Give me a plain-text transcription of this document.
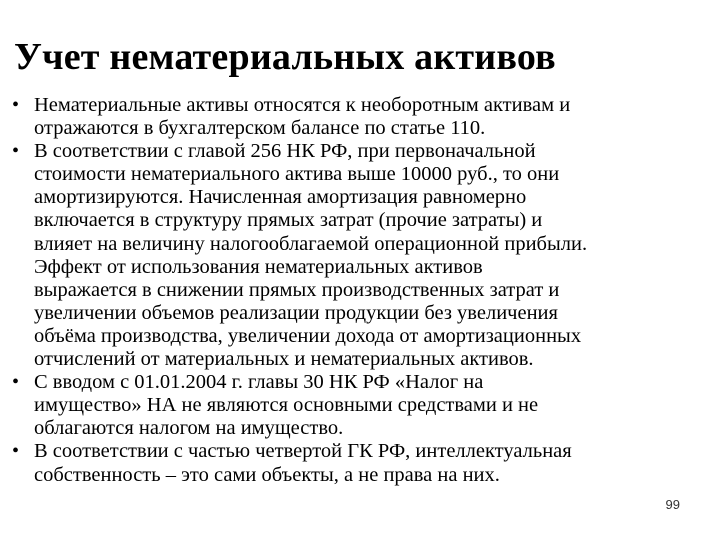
Учет нематериальных активов
• Нематериальные активы относятся к необоротным активам и
отражаются в бухгалтерском балансе по статье 110.
• В соответствии с главой 256 НК РФ, при первоначальной
стоимости нематериального актива выше 10000 руб., то они
амортизируются. Начисленная амортизация равномерно
включается в структуру прямых затрат (прочие затраты) и
влияет на величину налогооблагаемой операционной прибыли.
Эффект от использования нематериальных активов
выражается в снижении прямых производственных затрат и
увеличении объемов реализации продукции без увеличения
объёма производства, увеличении дохода от амортизационных
отчислений от материальных и нематериальных активов.
• С вводом с 01.01.2004 г. главы 30 НК РФ «Налог на
имущество» НА не являются основными средствами и не
облагаются налогом на имущество.
• В соответствии с частью четвертой ГК РФ, интеллектуальная
собственность – это сами объекты, а не права на них.
99
